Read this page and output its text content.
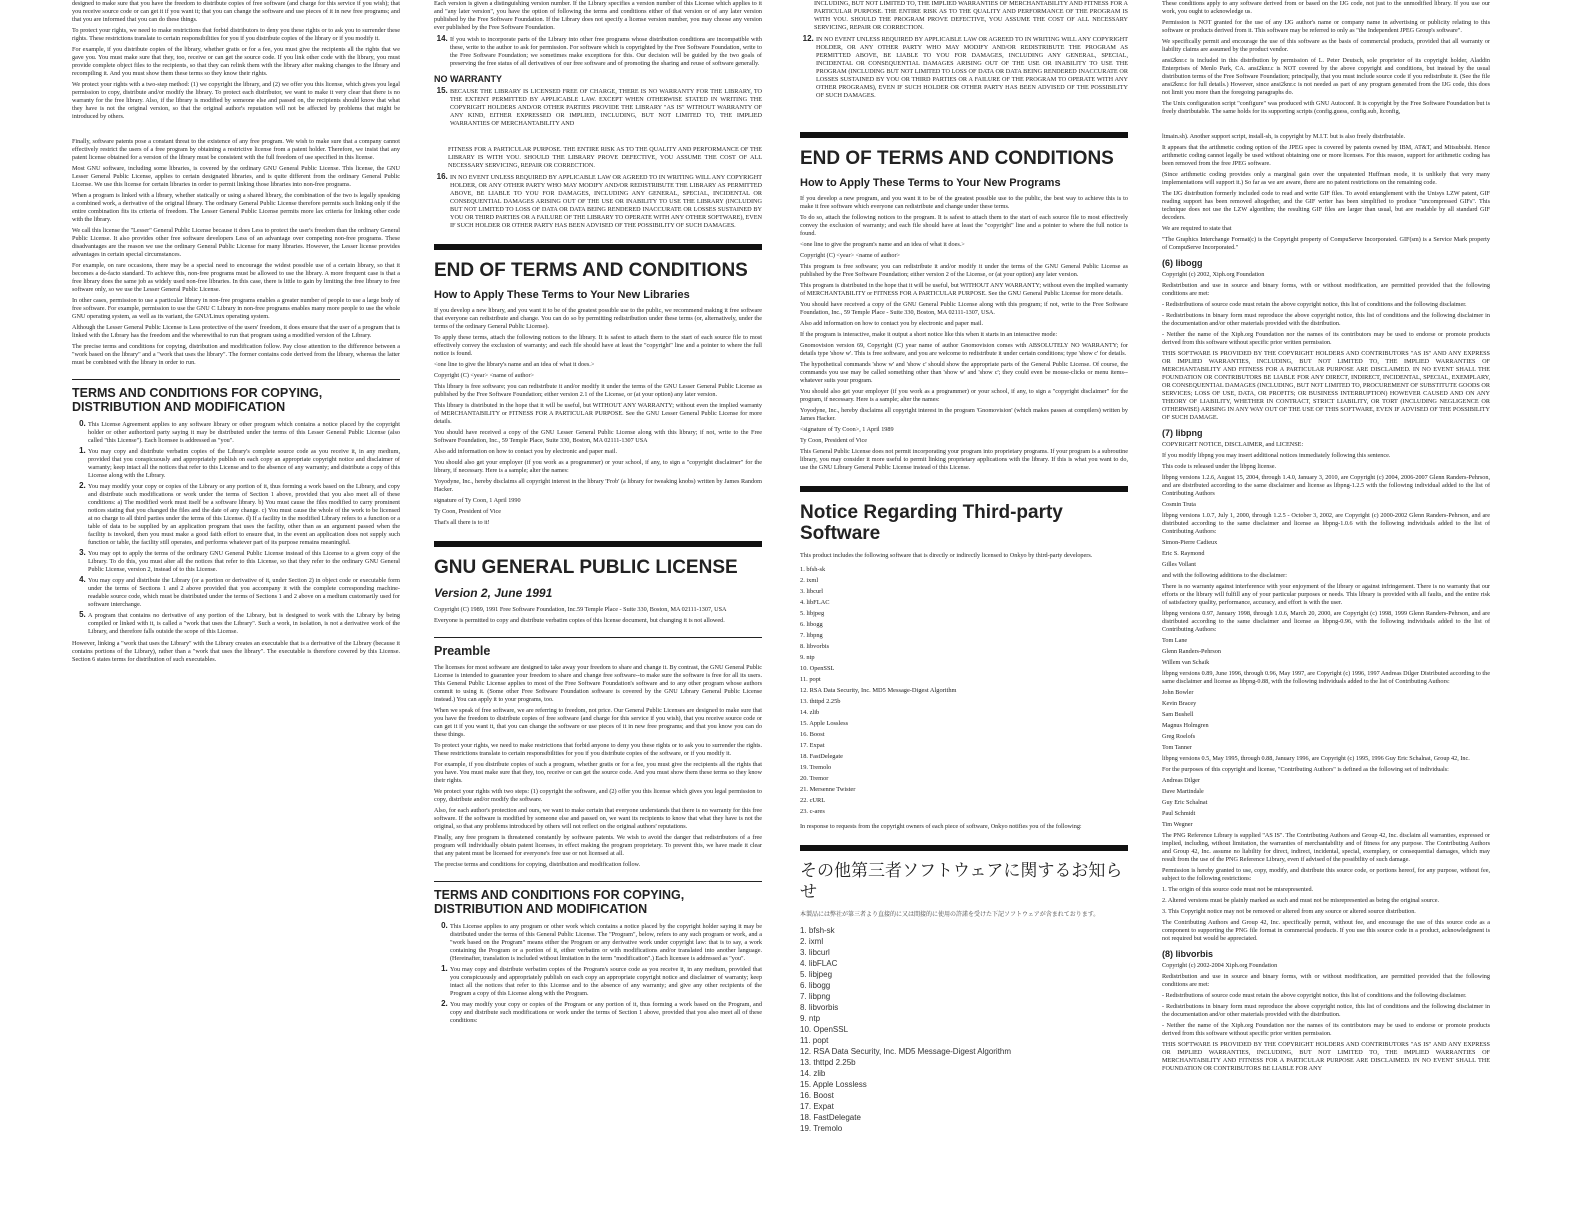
designed to make sure that you have the freedom to distribute copies of free software (and charge for this service if you wish); that you receive source code or can get it if you want it; that you can change the software and use pieces of it in new free programs; and that you are informed that you can do these things.

To protect your rights, we need to make restrictions that forbid distributors to deny you these rights or to ask you to surrender these rights. These restrictions translate to certain responsibilities for you if you distribute copies of the library or if you modify it.

For example, if you distribute copies of the library, whether gratis or for a fee, you must give the recipients all the rights that we gave you. You must make sure that they, too, receive or can get the source code. If you link other code with the library, you must provide complete object files to the recipients, so that they can relink them with the library after making changes to the library and recompiling it. And you must show them these terms so they know their rights.

We protect your rights with a two-step method: (1) we copyright the library, and (2) we offer you this license, which gives you legal permission to copy, distribute and/or modify the library. To protect each distributor, we want to make it very clear that there is no warranty for the free library. Also, if the library is modified by someone else and passed on, the recipients should know that what they have is not the original version, so that the original author's reputation will not be affected by problems that might be introduced by others.

Finally, software patents pose a constant threat to the existence of any free program. We wish to make sure that a company cannot effectively restrict the users of a free program by obtaining a restrictive license from a patent holder. Therefore, we insist that any patent license obtained for a version of the library must be consistent with the full freedom of use specified in this license.

Most GNU software, including some libraries, is covered by the ordinary GNU General Public License. This license, the GNU Lesser General Public License, applies to certain designated libraries, and is quite different from the ordinary General Public License. We use this license for certain libraries in order to permit linking those libraries into non-free programs.

When a program is linked with a library, whether statically or using a shared library, the combination of the two is legally speaking a combined work, a derivative of the original library. The ordinary General Public License therefore permits such linking only if the entire combination fits its criteria of freedom. The Lesser General Public License permits more lax criteria for linking other code with the library.

We call this license the "Lesser" General Public License because it does Less to protect the user's freedom than the ordinary General Public License. It also provides other free software developers Less of an advantage over competing non-free programs. These disadvantages are the reason we use the ordinary General Public License for many libraries. However, the Lesser license provides advantages in certain special circumstances.

For example, on rare occasions, there may be a special need to encourage the widest possible use of a certain library, so that it becomes a de-facto standard. To achieve this, non-free programs must be allowed to use the library. A more frequent case is that a free library does the same job as widely used non-free libraries. In this case, there is little to gain by limiting the free library to free software only, so we use the Lesser General Public License.

In other cases, permission to use a particular library in non-free programs enables a greater number of people to use a large body of free software. For example, permission to use the GNU C Library in non-free programs enables many more people to use the whole GNU operating system, as well as its variant, the GNU/Linux operating system.

Although the Lesser General Public License is Less protective of the users' freedom, it does ensure that the user of a program that is linked with the Library has the freedom and the wherewithal to run that program using a modified version of the Library.

The precise terms and conditions for copying, distribution and modification follow. Pay close attention to the difference between a "work based on the library" and a "work that uses the library". The former contains code derived from the library, whereas the latter must be combined with the library in order to run.

TERMS AND CONDITIONS FOR COPYING, DISTRIBUTION AND MODIFICATION
0. This License Agreement applies to any software library or other program which contains a notice placed by the copyright holder or other authorized party saying it may be distributed under the terms of this Lesser General Public License (also called "this License"). Each licensee is addressed as "you".
1. You may copy and distribute verbatim copies of the Library's complete source code as you receive it, in any medium, provided that you conspicuously and appropriately publish on each copy an appropriate copyright notice and disclaimer of warranty; keep intact all the notices that refer to this License and to the absence of any warranty; and distribute a copy of this License along with the Library.
2. You may modify your copy or copies of the Library or any portion of it, thus forming a work based on the Library, and copy and distribute such modifications or work under the terms of Section 1 above, provided that you also meet all of these conditions: a) The modified work must itself be a software library. b) You must cause the files modified to carry prominent notices stating that you changed the files and the date of any change. c) You must cause the whole of the work to be licensed at no charge to all third parties under the terms of this License. d) If a facility in the modified Library refers to a function or a table of data to be supplied by an application program that uses the facility, other than as an argument passed when the facility is invoked, then you must make a good faith effort to ensure that, in the event an application does not supply such function or table, the facility still operates, and performs whatever part of its purpose remains meaningful.
3. You may opt to apply the terms of the ordinary GNU General Public License instead of this License to a given copy of the Library. To do this, you must alter all the notices that refer to this License, so that they refer to the ordinary GNU General Public License, version 2, instead of to this License.
4. You may copy and distribute the Library (or a portion or derivative of it, under Section 2) in object code or executable form under the terms of Sections 1 and 2 above provided that you accompany it with the complete corresponding machine-readable source code, which must be distributed under the terms of Sections 1 and 2 above on a medium customarily used for software interchange.
5. A program that contains no derivative of any portion of the Library, but is designed to work with the Library by being compiled or linked with it, is called a "work that uses the Library". Such a work, in isolation, is not a derivative work of the Library, and therefore falls outside the scope of this License.

However, linking a "work that uses the Library" with the Library creates an executable that is a derivative of the Library (because it contains portions of the Library), rather than a "work that uses the library". The executable is therefore covered by this License. Section 6 states terms for distribution of such executables.

Each version is given a distinguishing version number. If the Library specifies a version number of this License which applies to it and "any later version", you have the option of following the terms and conditions either of that version or of any later version published by the Free Software Foundation. If the Library does not specify a license version number, you may choose any version ever published by the Free Software Foundation.

14. If you wish to incorporate parts of the Library into other free programs whose distribution conditions are incompatible with these, write to the author to ask for permission. For software which is copyrighted by the Free Software Foundation, write to the Free Software Foundation; we sometimes make exceptions for this. Our decision will be guided by the two goals of preserving the free status of all derivatives of our free software and of promoting the sharing and reuse of software generally.
NO WARRANTY
15. BECAUSE THE LIBRARY IS LICENSED FREE OF CHARGE, THERE IS NO WARRANTY FOR THE LIBRARY, TO THE EXTENT PERMITTED BY APPLICABLE LAW. EXCEPT WHEN OTHERWISE STATED IN WRITING THE COPYRIGHT HOLDERS AND/OR OTHER PARTIES PROVIDE THE LIBRARY "AS IS" WITHOUT WARRANTY OF ANY KIND, EITHER EXPRESSED OR IMPLIED, INCLUDING, BUT NOT LIMITED TO, THE IMPLIED WARRANTIES OF MERCHANTABILITY AND

FITNESS FOR A PARTICULAR PURPOSE. THE ENTIRE RISK AS TO THE QUALITY AND PERFORMANCE OF THE LIBRARY IS WITH YOU. SHOULD THE LIBRARY PROVE DEFECTIVE, YOU ASSUME THE COST OF ALL NECESSARY SERVICING, REPAIR OR CORRECTION.

16. IN NO EVENT UNLESS REQUIRED BY APPLICABLE LAW OR AGREED TO IN WRITING WILL ANY COPYRIGHT HOLDER, OR ANY OTHER PARTY WHO MAY MODIFY AND/OR REDISTRIBUTE THE LIBRARY AS PERMITTED ABOVE, BE LIABLE TO YOU FOR DAMAGES, INCLUDING ANY GENERAL, SPECIAL, INCIDENTAL OR CONSEQUENTIAL DAMAGES ARISING OUT OF THE USE OR INABILITY TO USE THE LIBRARY (INCLUDING BUT NOT LIMITED TO LOSS OF DATA OR DATA BEING RENDERED INACCURATE OR LOSSES SUSTAINED BY YOU OR THIRD PARTIES OR A FAILURE OF THE LIBRARY TO OPERATE WITH ANY OTHER SOFTWARE), EVEN IF SUCH HOLDER OR OTHER PARTY HAS BEEN ADVISED OF THE POSSIBILITY OF SUCH DAMAGES.
END OF TERMS AND CONDITIONS
How to Apply These Terms to Your New Libraries

If you develop a new library, and you want it to be of the greatest possible use to the public, we recommend making it free software that everyone can redistribute and change. You can do so by permitting redistribution under these terms (or, alternatively, under the terms of the ordinary General Public License).

To apply these terms, attach the following notices to the library. It is safest to attach them to the start of each source file to most effectively convey the exclusion of warranty; and each file should have at least the "copyright" line and a pointer to where the full notice is found.

<one line to give the library's name and an idea of what it does.>

Copyright (C) <year> <name of author>

This library is free software; you can redistribute it and/or modify it under the terms of the GNU Lesser General Public License as published by the Free Software Foundation; either version 2.1 of the License, or (at your option) any later version.

This library is distributed in the hope that it will be useful, but WITHOUT ANY WARRANTY; without even the implied warranty of MERCHANTABILITY or FITNESS FOR A PARTICULAR PURPOSE. See the GNU Lesser General Public License for more details.

You should have received a copy of the GNU Lesser General Public License along with this library; if not, write to the Free Software Foundation, Inc., 59 Temple Place, Suite 330, Boston, MA 02111-1307 USA

Also add information on how to contact you by electronic and paper mail.

You should also get your employer (if you work as a programmer) or your school, if any, to sign a "copyright disclaimer" for the library, if necessary. Here is a sample; alter the names:

Yoyodyne, Inc., hereby disclaims all copyright interest in the library 'Frob' (a library for tweaking knobs) written by James Random Hacker.

signature of Ty Coon, 1 April 1990

Ty Coon, President of Vice

That's all there is to it!

GNU GENERAL PUBLIC LICENSE
Version 2, June 1991

Copyright (C) 1989, 1991 Free Software Foundation, Inc.59 Temple Place - Suite 330, Boston, MA 02111-1307, USA

Everyone is permitted to copy and distribute verbatim copies of this license document, but changing it is not allowed.

Preamble

The licenses for most software are designed to take away your freedom to share and change it. By contrast, the GNU General Public License is intended to guarantee your freedom to share and change free software--to make sure the software is free for all its users. This General Public License applies to most of the Free Software Foundation's software and to any other program whose authors commit to using it. (Some other Free Software Foundation software is covered by the GNU Library General Public License instead.) You can apply it to your programs, too.

When we speak of free software, we are referring to freedom, not price. Our General Public Licenses are designed to make sure that you have the freedom to distribute copies of free software (and charge for this service if you wish), that you receive source code or can get it if you want it, that you can change the software or use pieces of it in new free programs; and that you know you can do these things.

To protect your rights, we need to make restrictions that forbid anyone to deny you these rights or to ask you to surrender the rights. These restrictions translate to certain responsibilities for you if you distribute copies of the software, or if you modify it.

For example, if you distribute copies of such a program, whether gratis or for a fee, you must give the recipients all the rights that you have. You must make sure that they, too, receive or can get the source code. And you must show them these terms so they know their rights.

We protect your rights with two steps: (1) copyright the software, and (2) offer you this license which gives you legal permission to copy, distribute and/or modify the software.

Also, for each author's protection and ours, we want to make certain that everyone understands that there is no warranty for this free software. If the software is modified by someone else and passed on, we want its recipients to know that what they have is not the original, so that any problems introduced by others will not reflect on the original authors' reputations.

Finally, any free program is threatened constantly by software patents. We wish to avoid the danger that redistributors of a free program will individually obtain patent licenses, in effect making the program proprietary. To prevent this, we have made it clear that any patent must be licensed for everyone's free use or not licensed at all.

The precise terms and conditions for copying, distribution and modification follow.

TERMS AND CONDITIONS FOR COPYING, DISTRIBUTION AND MODIFICATION
0. This License applies to any program or other work which contains a notice placed by the copyright holder saying it may be distributed under the terms of this General Public License. The "Program", below, refers to any such program or work, and a "work based on the Program" means either the Program or any derivative work under copyright law: that is to say, a work containing the Program or a portion of it, either verbatim or with modifications and/or translated into another language. (Hereinafter, translation is included without limitation in the term "modification".) Each licensee is addressed as "you".
1. You may copy and distribute verbatim copies of the Program's source code as you receive it, in any medium, provided that you conspicuously and appropriately publish on each copy an appropriate copyright notice and disclaimer of warranty; keep intact all the notices that refer to this License and to the absence of any warranty; and give any other recipients of the Program a copy of this License along with the Program.
2. You may modify your copy or copies of the Program or any portion of it, thus forming a work based on the Program, and copy and distribute such modifications or work under the terms of Section 1 above, provided that you also meet all of these conditions:

INCLUDING, BUT NOT LIMITED TO, THE IMPLIED WARRANTIES OF MERCHANTABILITY AND FITNESS FOR A PARTICULAR PURPOSE. THE ENTIRE RISK AS TO THE QUALITY AND PERFORMANCE OF THE PROGRAM IS WITH YOU. SHOULD THE PROGRAM PROVE DEFECTIVE, YOU ASSUME THE COST OF ALL NECESSARY SERVICING, REPAIR OR CORRECTION.

12. IN NO EVENT UNLESS REQUIRED BY APPLICABLE LAW OR AGREED TO IN WRITING WILL ANY COPYRIGHT HOLDER, OR ANY OTHER PARTY WHO MAY MODIFY AND/OR REDISTRIBUTE THE PROGRAM AS PERMITTED ABOVE, BE LIABLE TO YOU FOR DAMAGES, INCLUDING ANY GENERAL, SPECIAL, INCIDENTAL OR CONSEQUENTIAL DAMAGES ARISING OUT OF THE USE OR INABILITY TO USE THE PROGRAM (INCLUDING BUT NOT LIMITED TO LOSS OF DATA OR DATA BEING RENDERED INACCURATE OR LOSSES SUSTAINED BY YOU OR THIRD PARTIES OR A FAILURE OF THE PROGRAM TO OPERATE WITH ANY OTHER PROGRAMS), EVEN IF SUCH HOLDER OR OTHER PARTY HAS BEEN ADVISED OF THE POSSIBILITY OF SUCH DAMAGES.
END OF TERMS AND CONDITIONS
How to Apply These Terms to Your New Programs

If you develop a new program, and you want it to be of the greatest possible use to the public, the best way to achieve this is to make it free software which everyone can redistribute and change under these terms.

To do so, attach the following notices to the program. It is safest to attach them to the start of each source file to most effectively convey the exclusion of warranty; and each file should have at least the "copyright" line and a pointer to where the full notice is found.

<one line to give the program's name and an idea of what it does.>

Copyright (C) <year> <name of author>

This program is free software; you can redistribute it and/or modify it under the terms of the GNU General Public License as published by the Free Software Foundation; either version 2 of the License, or (at your option) any later version.

This program is distributed in the hope that it will be useful, but WITHOUT ANY WARRANTY; without even the implied warranty of MERCHANTABILITY or FITNESS FOR A PARTICULAR PURPOSE. See the GNU General Public License for more details.

You should have received a copy of the GNU General Public License along with this program; if not, write to the Free Software Foundation, Inc., 59 Temple Place - Suite 330, Boston, MA 02111-1307, USA.

Also add information on how to contact you by electronic and paper mail.

If the program is interactive, make it output a short notice like this when it starts in an interactive mode:

Gnomovision version 69, Copyright (C) year name of author Gnomovision comes with ABSOLUTELY NO WARRANTY; for details type 'show w'. This is free software, and you are welcome to redistribute it under certain conditions; type 'show c' for details.

The hypothetical commands 'show w' and 'show c' should show the appropriate parts of the General Public License. Of course, the commands you use may be called something other than 'show w' and 'show c'; they could even be mouse-clicks or menu items--whatever suits your program.

You should also get your employer (if you work as a programmer) or your school, if any, to sign a "copyright disclaimer" for the program, if necessary. Here is a sample; alter the names:

Yoyodyne, Inc., hereby disclaims all copyright interest in the program 'Gnomovision' (which makes passes at compilers) written by James Hacker.

<signature of Ty Coon>, 1 April 1989

Ty Coon, President of Vice

This General Public License does not permit incorporating your program into proprietary programs. If your program is a subroutine library, you may consider it more useful to permit linking proprietary applications with the library. If this is what you want to do, use the GNU Library General Public License instead of this License.

Notice Regarding Third-party Software

This product includes the following software that is directly or indirectly licensed to Onkyo by third-party developers.

1. bfsh-sk
2. ixml
3. libcurl
4. libFLAC
5. libjpeg
6. libogg
7. libpng
8. libvorbis
9. ntp
10. OpenSSL
11. popt
12. RSA Data Security, Inc. MD5 Message-Digest Algorithm
13. thttpd 2.25b
14. zlib
15. Apple Lossless
16. Boost
17. Expat
18. FastDelegate
19. Tremolo
20. Tremor
21. Mersenne Twister
22. cURL
23. c-ares

In response to requests from the copyright owners of each piece of software, Onkyo notifies you of the following:

その他第三者ソフトウェアに関するお知らせ

本製品には弊社が第三者より直接的に又は間接的に使用の許諾を受けた下記ソフトウェアが含まれております。

1. bfsh-sk
2. ixml
3. libcurl
4. libFLAC
5. libjpeg
6. libogg
7. libpng
8. libvorbis
9. ntp
10. OpenSSL
11. popt
12. RSA Data Security, Inc. MD5 Message-Digest Algorithm
13. thttpd 2.25b
14. zlib
15. Apple Lossless
16. Boost
17. Expat
18. FastDelegate
19. Tremolo

These conditions apply to any software derived from or based on the IJG code, not just to the unmodified library. If you use our work, you ought to acknowledge us.

Permission is NOT granted for the use of any IJG author's name or company name in advertising or publicity relating to this software or products derived from it. This software may be referred to only as "the Independent JPEG Group's software".

We specifically permit and encourage the use of this software as the basis of commercial products, provided that all warranty or liability claims are assumed by the product vendor.

ansi2knr.c is included in this distribution by permission of L. Peter Deutsch, sole proprietor of its copyright holder, Aladdin Enterprises of Menlo Park, CA. ansi2knr.c is NOT covered by the above copyright and conditions, but instead by the usual distribution terms of the Free Software Foundation; principally, that you must include source code if you redistribute it. (See the file ansi2knr.c for full details.) However, since ansi2knr.c is not needed as part of any program generated from the IJG code, this does not limit you more than the foregoing paragraphs do.

The Unix configuration script "configure" was produced with GNU Autoconf. It is copyright by the Free Software Foundation but is freely distributable. The same holds for its supporting scripts (config.guess, config.sub, ltconfig,

ltmain.sh). Another support script, install-sh, is copyright by M.I.T. but is also freely distributable.

It appears that the arithmetic coding option of the JPEG spec is covered by patents owned by IBM, AT&T, and Mitsubishi. Hence arithmetic coding cannot legally be used without obtaining one or more licenses. For this reason, support for arithmetic coding has been removed from the free JPEG software.

(Since arithmetic coding provides only a marginal gain over the unpatented Huffman mode, it is unlikely that very many implementations will support it.) So far as we are aware, there are no patent restrictions on the remaining code.

The IJG distribution formerly included code to read and write GIF files. To avoid entanglement with the Unisys LZW patent, GIF reading support has been removed altogether, and the GIF writer has been simplified to produce "uncompressed GIFs". This technique does not use the LZW algorithm; the resulting GIF files are larger than usual, but are readable by all standard GIF decoders.

We are required to state that

"The Graphics Interchange Format(c) is the Copyright property of CompuServe Incorporated. GIF(sm) is a Service Mark property of CompuServe Incorporated."

(6) libogg

Copyright (c) 2002, Xiph.org Foundation

Redistribution and use in source and binary forms, with or without modification, are permitted provided that the following conditions are met:

- Redistributions of source code must retain the above copyright notice, this list of conditions and the following disclaimer.

- Redistributions in binary form must reproduce the above copyright notice, this list of conditions and the following disclaimer in the documentation and/or other materials provided with the distribution.

- Neither the name of the Xiph.org Foundation nor the names of its contributors may be used to endorse or promote products derived from this software without specific prior written permission.

THIS SOFTWARE IS PROVIDED BY THE COPYRIGHT HOLDERS AND CONTRIBUTORS "AS IS" AND ANY EXPRESS OR IMPLIED WARRANTIES, INCLUDING, BUT NOT LIMITED TO, THE IMPLIED WARRANTIES OF MERCHANTABILITY AND FITNESS FOR A PARTICULAR PURPOSE ARE DISCLAIMED. IN NO EVENT SHALL THE FOUNDATION OR CONTRIBUTORS BE LIABLE FOR ANY DIRECT, INDIRECT, INCIDENTAL, SPECIAL, EXEMPLARY, OR CONSEQUENTIAL DAMAGES (INCLUDING, BUT NOT LIMITED TO, PROCUREMENT OF SUBSTITUTE GOODS OR SERVICES; LOSS OF USE, DATA, OR PROFITS; OR BUSINESS INTERRUPTION) HOWEVER CAUSED AND ON ANY THEORY OF LIABILITY, WHETHER IN CONTRACT, STRICT LIABILITY, OR TORT (INCLUDING NEGLIGENCE OR OTHERWISE) ARISING IN ANY WAY OUT OF THE USE OF THIS SOFTWARE, EVEN IF ADVISED OF THE POSSIBILITY OF SUCH DAMAGE.

(7) libpng

COPYRIGHT NOTICE, DISCLAIMER, and LICENSE:

If you modify libpng you may insert additional notices immediately following this sentence.

This code is released under the libpng license.

libpng versions 1.2.6, August 15, 2004, through 1.4.0, January 3, 2010, are Copyright (c) 2004, 2006-2007 Glenn Randers-Pehrson, and are distributed according to the same disclaimer and license as libpng-1.2.5 with the following individual added to the list of Contributing Authors

Cosmin Truta

libpng versions 1.0.7, July 1, 2000, through 1.2.5 - October 3, 2002, are Copyright (c) 2000-2002 Glenn Randers-Pehrson, and are distributed according to the same disclaimer and license as libpng-1.0.6 with the following individuals added to the list of Contributing Authors:

Simon-Pierre Cadieux

Eric S. Raymond

Gilles Vollant

and with the following additions to the disclaimer:

There is no warranty against interference with your enjoyment of the library or against infringement. There is no warranty that our efforts or the library will fulfill any of your particular purposes or needs. This library is provided with all faults, and the entire risk of satisfactory quality, performance, accuracy, and effort is with the user.

libpng versions 0.97, January 1998, through 1.0.6, March 20, 2000, are Copyright (c) 1998, 1999 Glenn Randers-Pehrson, and are distributed according to the same disclaimer and license as libpng-0.96, with the following individuals added to the list of Contributing Authors:

Tom Lane

Glenn Randers-Pehrson

Willem van Schaik

libpng versions 0.89, June 1996, through 0.96, May 1997, are Copyright (c) 1996, 1997 Andreas Dilger Distributed according to the same disclaimer and license as libpng-0.88, with the following individuals added to the list of Contributing Authors:

John Bowler

Kevin Bracey

Sam Bushell

Magnus Holmgren

Greg Roelofs

Tom Tanner

libpng versions 0.5, May 1995, through 0.88, January 1996, are Copyright (c) 1995, 1996 Guy Eric Schalnat, Group 42, Inc.

For the purposes of this copyright and license, "Contributing Authors" is defined as the following set of individuals:

Andreas Dilger

Dave Martindale

Guy Eric Schalnat

Paul Schmidt

Tim Wegner

The PNG Reference Library is supplied "AS IS". The Contributing Authors and Group 42, Inc. disclaim all warranties, expressed or implied, including, without limitation, the warranties of merchantability and of fitness for any purpose. The Contributing Authors and Group 42, Inc. assume no liability for direct, indirect, incidental, special, exemplary, or consequential damages, which may result from the use of the PNG Reference Library, even if advised of the possibility of such damage.

Permission is hereby granted to use, copy, modify, and distribute this source code, or portions hereof, for any purpose, without fee, subject to the following restrictions:

1. The origin of this source code must not be misrepresented.

2. Altered versions must be plainly marked as such and must not be misrepresented as being the original source.

3. This Copyright notice may not be removed or altered from any source or altered source distribution.

The Contributing Authors and Group 42, Inc. specifically permit, without fee, and encourage the use of this source code as a component to supporting the PNG file format in commercial products. If you use this source code in a product, acknowledgment is not required but would be appreciated.

(8) libvorbis

Copyright (c) 2002-2004 Xiph.org Foundation

Redistribution and use in source and binary forms, with or without modification, are permitted provided that the following conditions are met:

- Redistributions of source code must retain the above copyright notice, this list of conditions and the following disclaimer.

- Redistributions in binary form must reproduce the above copyright notice, this list of conditions and the following disclaimer in the documentation and/or other materials provided with the distribution.

- Neither the name of the Xiph.org Foundation nor the names of its contributors may be used to endorse or promote products derived from this software without specific prior written permission.

THIS SOFTWARE IS PROVIDED BY THE COPYRIGHT HOLDERS AND CONTRIBUTORS "AS IS" AND ANY EXPRESS OR IMPLIED WARRANTIES, INCLUDING, BUT NOT LIMITED TO, THE IMPLIED WARRANTIES OF MERCHANTABILITY AND FITNESS FOR A PARTICULAR PURPOSE ARE DISCLAIMED. IN NO EVENT SHALL THE FOUNDATION OR CONTRIBUTORS BE LIABLE FOR ANY
